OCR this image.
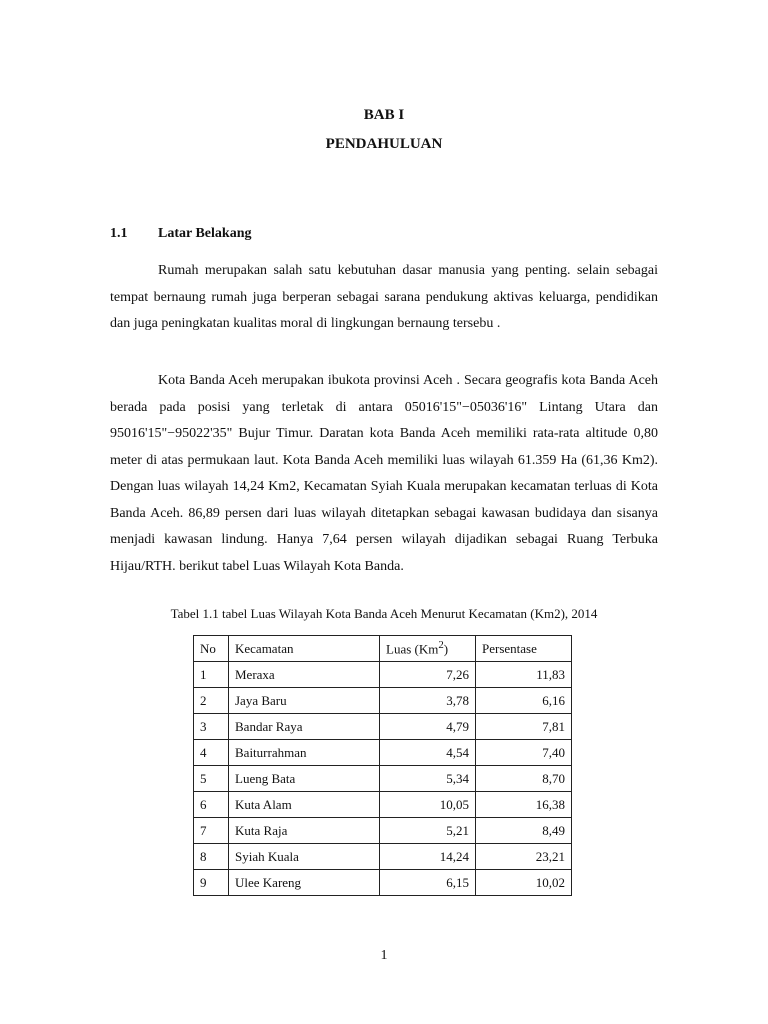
BAB I
PENDAHULUAN
1.1 Latar Belakang

Rumah merupakan salah satu kebutuhan dasar manusia yang penting. selain sebagai tempat bernaung rumah juga berperan sebagai sarana pendukung aktivas keluarga, pendidikan dan juga peningkatan kualitas moral di lingkungan bernaung tersebu .

Kota Banda Aceh merupakan ibukota provinsi Aceh . Secara geografis kota Banda Aceh berada pada posisi yang terletak di antara 05016'15"−05036'16" Lintang Utara dan 95016'15"−95022'35" Bujur Timur. Daratan kota Banda Aceh memiliki rata-rata altitude 0,80 meter di atas permukaan laut. Kota Banda Aceh memiliki luas wilayah 61.359 Ha (61,36 Km2). Dengan luas wilayah 14,24 Km2, Kecamatan Syiah Kuala merupakan kecamatan terluas di Kota Banda Aceh. 86,89 persen dari luas wilayah ditetapkan sebagai kawasan budidaya dan sisanya menjadi kawasan lindung. Hanya 7,64 persen wilayah dijadikan sebagai Ruang Terbuka Hijau/RTH. berikut tabel Luas Wilayah Kota Banda.

Tabel 1.1 tabel Luas Wilayah Kota Banda Aceh Menurut Kecamatan (Km2), 2014
No	Kecamatan	Luas (Km$^2$)	Persentase
1	Meraxa	7,26	11,83
2	Jaya Baru	3,78	6,16
3	Bandar Raya	4,79	7,81
4	Baiturrahman	4,54	7,40
5	Lueng Bata	5,34	8,70
6	Kuta Alam	10,05	16,38
7	Kuta Raja	5,21	8,49
8	Syiah Kuala	14,24	23,21
9	Ulee Kareng	6,15	10,02
1
